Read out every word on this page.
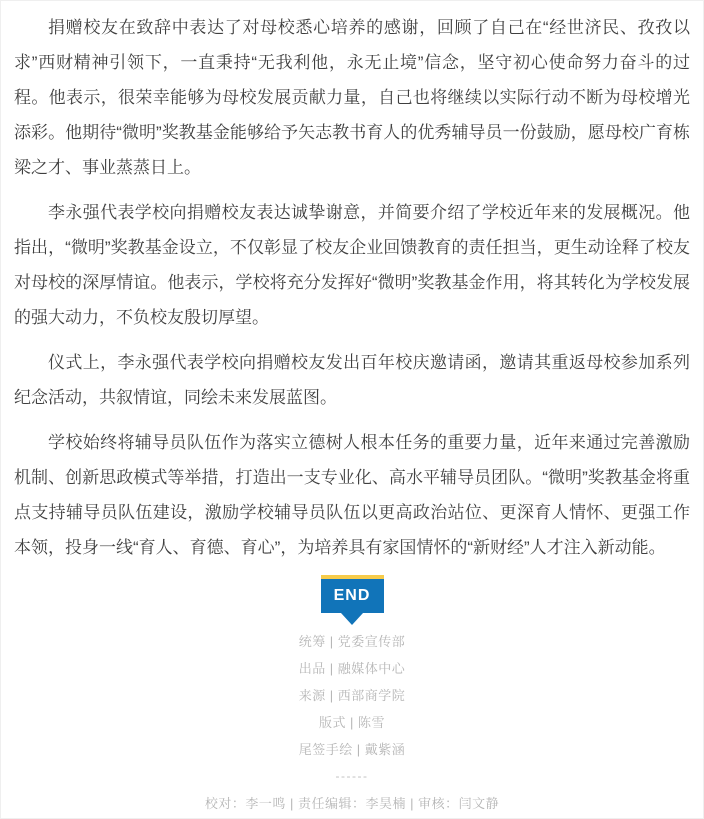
捐赠校友在致辞中表达了对母校悉心培养的感谢，回顾了自己在“经世济民、孜孜以求”西财精神引领下，一直秉持“无我利他，永无止境”信念，坚守初心使命努力奋斗的过程。他表示，很荣幸能够为母校发展贡献力量，自己也将继续以实际行动不断为母校增光添彩。他期待“微明”奖教基金能够给予矢志教书育人的优秀辅导员一份鼓励，愿母校广育栋梁之才、事业蒸蒸日上。

李永强代表学校向捐赠校友表达诚挚谢意，并简要介绍了学校近年来的发展概况。他指出，“微明”奖教基金设立，不仅彰显了校友企业回馈教育的责任担当，更生动诠释了校友对母校的深厚情谊。他表示，学校将充分发挥好“微明”奖教基金作用，将其转化为学校发展的强大动力，不负校友殷切厚望。

仪式上，李永强代表学校向捐赠校友发出百年校庆邀请函，邀请其重返母校参加系列纪念活动，共叙情谊，同绘未来发展蓝图。

学校始终将辅导员队伍作为落实立德树人根本任务的重要力量，近年来通过完善激励机制、创新思政模式等举措，打造出一支专业化、高水平辅导员团队。“微明”奖教基金将重点支持辅导员队伍建设，激励学校辅导员队伍以更高政治站位、更深育人情怀、更强工作本领，投身一线“育人、育德、育心”，为培养具有家国情怀的“新财经”人才注入新动能。

END
统筹 | 党委宣传部
出品 | 融媒体中心
来源 | 西部商学院
版式 | 陈雪
尾签手绘 | 戴紫涵
------
校对：李一鸣 | 责任编辑：李昊楠 | 审核：闫文静
